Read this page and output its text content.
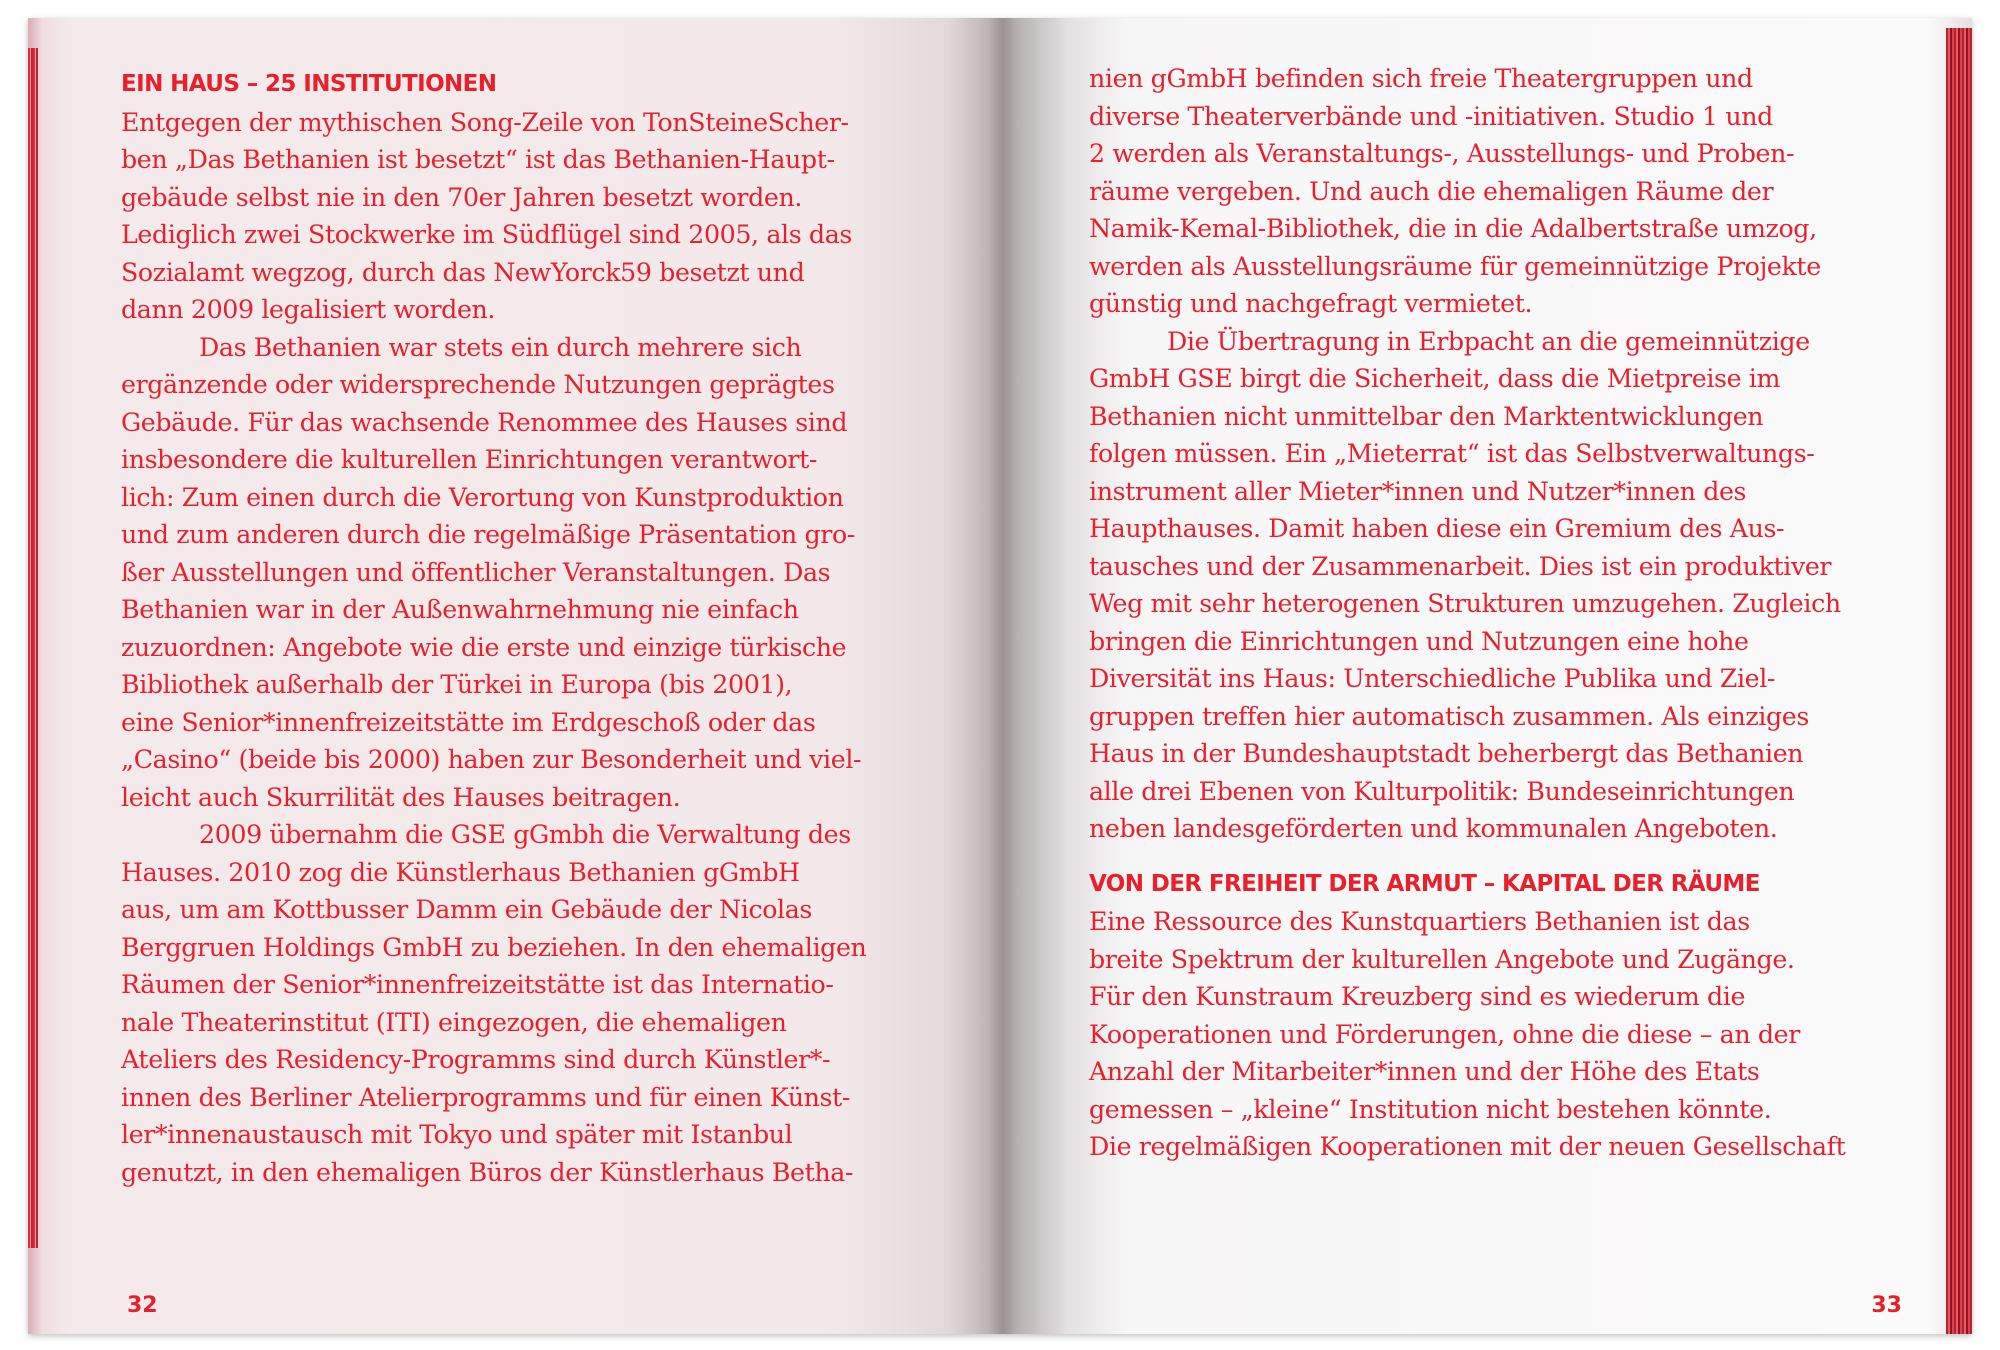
EIN HAUS – 25 INSTITUTIONEN

Entgegen der mythischen Song-Zeile von TonSteineScher-

ben „Das Bethanien ist besetzt“ ist das Bethanien-Haupt-

gebäude selbst nie in den 70er Jahren besetzt worden.

Lediglich zwei Stockwerke im Südflügel sind 2005, als das

Sozialamt wegzog, durch das NewYorck59 besetzt und

dann 2009 legalisiert worden.

Das Bethanien war stets ein durch mehrere sich

ergänzende oder widersprechende Nutzungen geprägtes

Gebäude. Für das wachsende Renommee des Hauses sind

insbesondere die kulturellen Einrichtungen verantwort-

lich: Zum einen durch die Verortung von Kunstproduktion

und zum anderen durch die regelmäßige Präsentation gro-

ßer Ausstellungen und öffentlicher Veranstaltungen. Das

Bethanien war in der Außenwahrnehmung nie einfach

zuzuordnen: Angebote wie die erste und einzige türkische

Bibliothek außerhalb der Türkei in Europa (bis 2001),

eine Senior*innenfreizeitstätte im Erdgeschoß oder das

„Casino“ (beide bis 2000) haben zur Besonderheit und viel-

leicht auch Skurrilität des Hauses beitragen.

2009 übernahm die GSE gGmbh die Verwaltung des

Hauses. 2010 zog die Künstlerhaus Bethanien gGmbH

aus, um am Kottbusser Damm ein Gebäude der Nicolas

Berggruen Holdings GmbH zu beziehen. In den ehemaligen

Räumen der Senior*innenfreizeitstätte ist das Internatio-

nale Theaterinstitut (ITI) eingezogen, die ehemaligen

Ateliers des Residency-Programms sind durch Künstler*-

innen des Berliner Atelierprogramms und für einen Künst-

ler*innenaustausch mit Tokyo und später mit Istanbul

genutzt, in den ehemaligen Büros der Künstlerhaus Betha-

32

nien gGmbH befinden sich freie Theatergruppen und

diverse Theaterverbände und -initiativen. Studio 1 und

2 werden als Veranstaltungs-, Ausstellungs- und Proben-

räume vergeben. Und auch die ehemaligen Räume der

Namik-Kemal-Bibliothek, die in die Adalbertstraße umzog,

werden als Ausstellungsräume für gemeinnützige Projekte

günstig und nachgefragt vermietet.

Die Übertragung in Erbpacht an die gemeinnützige

GmbH GSE birgt die Sicherheit, dass die Mietpreise im

Bethanien nicht unmittelbar den Marktentwicklungen

folgen müssen. Ein „Mieterrat“ ist das Selbstverwaltungs-

instrument aller Mieter*innen und Nutzer*innen des

Haupthauses. Damit haben diese ein Gremium des Aus-

tausches und der Zusammenarbeit. Dies ist ein produktiver

Weg mit sehr heterogenen Strukturen umzugehen. Zugleich

bringen die Einrichtungen und Nutzungen eine hohe

Diversität ins Haus: Unterschiedliche Publika und Ziel-

gruppen treffen hier automatisch zusammen. Als einziges

Haus in der Bundeshauptstadt beherbergt das Bethanien

alle drei Ebenen von Kulturpolitik: Bundeseinrichtungen

neben landesgeförderten und kommunalen Angeboten.

VON DER FREIHEIT DER ARMUT – KAPITAL DER RÄUME

Eine Ressource des Kunstquartiers Bethanien ist das

breite Spektrum der kulturellen Angebote und Zugänge.

Für den Kunstraum Kreuzberg sind es wiederum die

Kooperationen und Förderungen, ohne die diese – an der

Anzahl der Mitarbeiter*innen und der Höhe des Etats

gemessen – „kleine“ Institution nicht bestehen könnte.

Die regelmäßigen Kooperationen mit der neuen Gesellschaft

33
